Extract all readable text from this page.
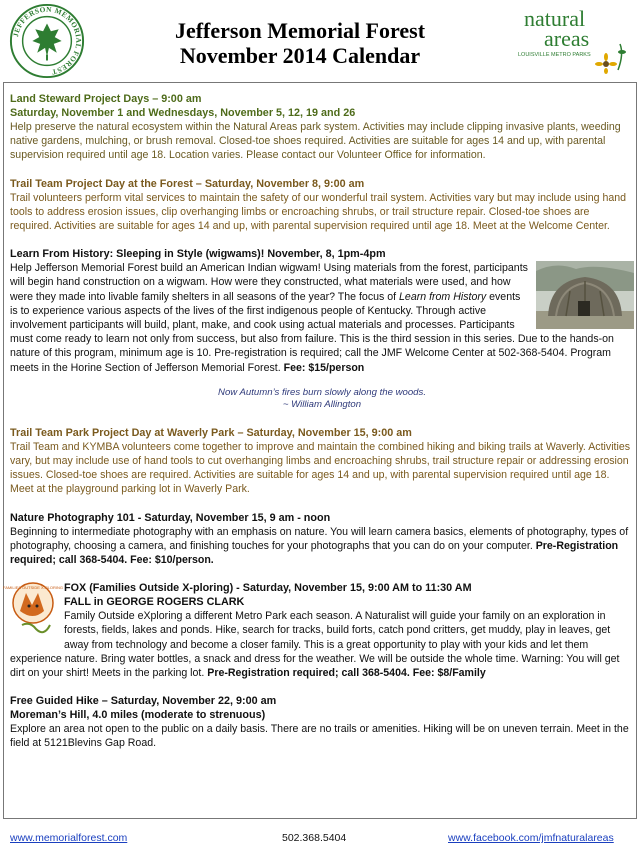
JEFFERSON MEMORIAL FOREST
Jefferson Memorial Forest
November 2014 Calendar
natural
areas
LOUISVILLE METRO PARKS
Land Steward Project Days – 9:00 am
Saturday, November 1 and Wednesdays, November 5, 12, 19 and 26

Help preserve the natural ecosystem within the Natural Areas park system. Activities may include clipping invasive plants, weeding native gardens, mulching, or brush removal. Closed-toe shoes required. Activities are suitable for ages 14 and up, with parental supervision required until age 18. Location varies. Please contact our Volunteer Office for information.

Trail Team Project Day at the Forest – Saturday, November 8, 9:00 am

Trail volunteers perform vital services to maintain the safety of our wonderful trail system. Activities vary but may include using hand tools to address erosion issues, clip overhanging limbs or encroaching shrubs, or trail structure repair. Closed-toe shoes are required. Activities are suitable for ages 14 and up, with parental supervision required until age 18. Meet at the Welcome Center.

Learn From History: Sleeping in Style (wigwams)! November, 8, 1pm-4pm

Help Jefferson Memorial Forest build an American Indian wigwam! Using materials from the forest, participants will begin hand construction on a wigwam. How were they constructed, what materials were used, and how were they made into livable family shelters in all seasons of the year? The focus of Learn from History events is to experience various aspects of the lives of the first indigenous people of Kentucky. Through active involvement participants will build, plant, make, and cook using actual materials and processes. Participants must come ready to learn not only from success, but also from failure. This is the third session in this series. Due to the hands-on nature of this program, minimum age is 10. Pre-registration is required; call the JMF Welcome Center at 502-368-5404. Program meets in the Horine Section of Jefferson Memorial Forest. Fee: $15/person

Now Autumn’s fires burn slowly along the woods.
~ William Allington
Trail Team Park Project Day at Waverly Park – Saturday, November 15, 9:00 am

Trail Team and KYMBA volunteers come together to improve and maintain the combined hiking and biking trails at Waverly. Activities vary, but may include use of hand tools to cut overhanging limbs and encroaching shrubs, trail structure repair or addressing erosion issues. Closed-toe shoes are required. Activities are suitable for ages 14 and up, with parental supervision required until age 18. Meet at the playground parking lot in Waverly Park.

Nature Photography 101 - Saturday, November 15, 9 am - noon

Beginning to intermediate photography with an emphasis on nature. You will learn camera basics, elements of photography, types of photography, choosing a camera, and finishing touches for your photographs that you can do on your computer. Pre-Registration required; call 368-5404. Fee: $10/person.

FAMILIES OUTSIDE X-PLORING FOX (Families Outside X-ploring) - Saturday, November 15, 9:00 AM to 11:30 AM
FALL in GEORGE ROGERS CLARK

Family Outside eXploring a different Metro Park each season. A Naturalist will guide your family on an exploration in forests, fields, lakes and ponds. Hike, search for tracks, build forts, catch pond critters, get muddy, play in leaves, get away from technology and become a closer family. This is a great opportunity to play with your kids and let them experience nature. Bring water bottles, a snack and dress for the weather. We will be outside the whole time. Warning: You will get dirt on your shirt! Meets in the parking lot. Pre-Registration required; call 368-5404. Fee: $8/Family

Free Guided Hike – Saturday, November 22, 9:00 am
Moreman’s Hill, 4.0 miles (moderate to strenuous)

Explore an area not open to the public on a daily basis. There are no trails or amenities. Hiking will be on uneven terrain. Meet in the field at 5121Blevins Gap Road.

www.memorialforest.com	502.368.5404	www.facebook.com/jmfnaturalareas
